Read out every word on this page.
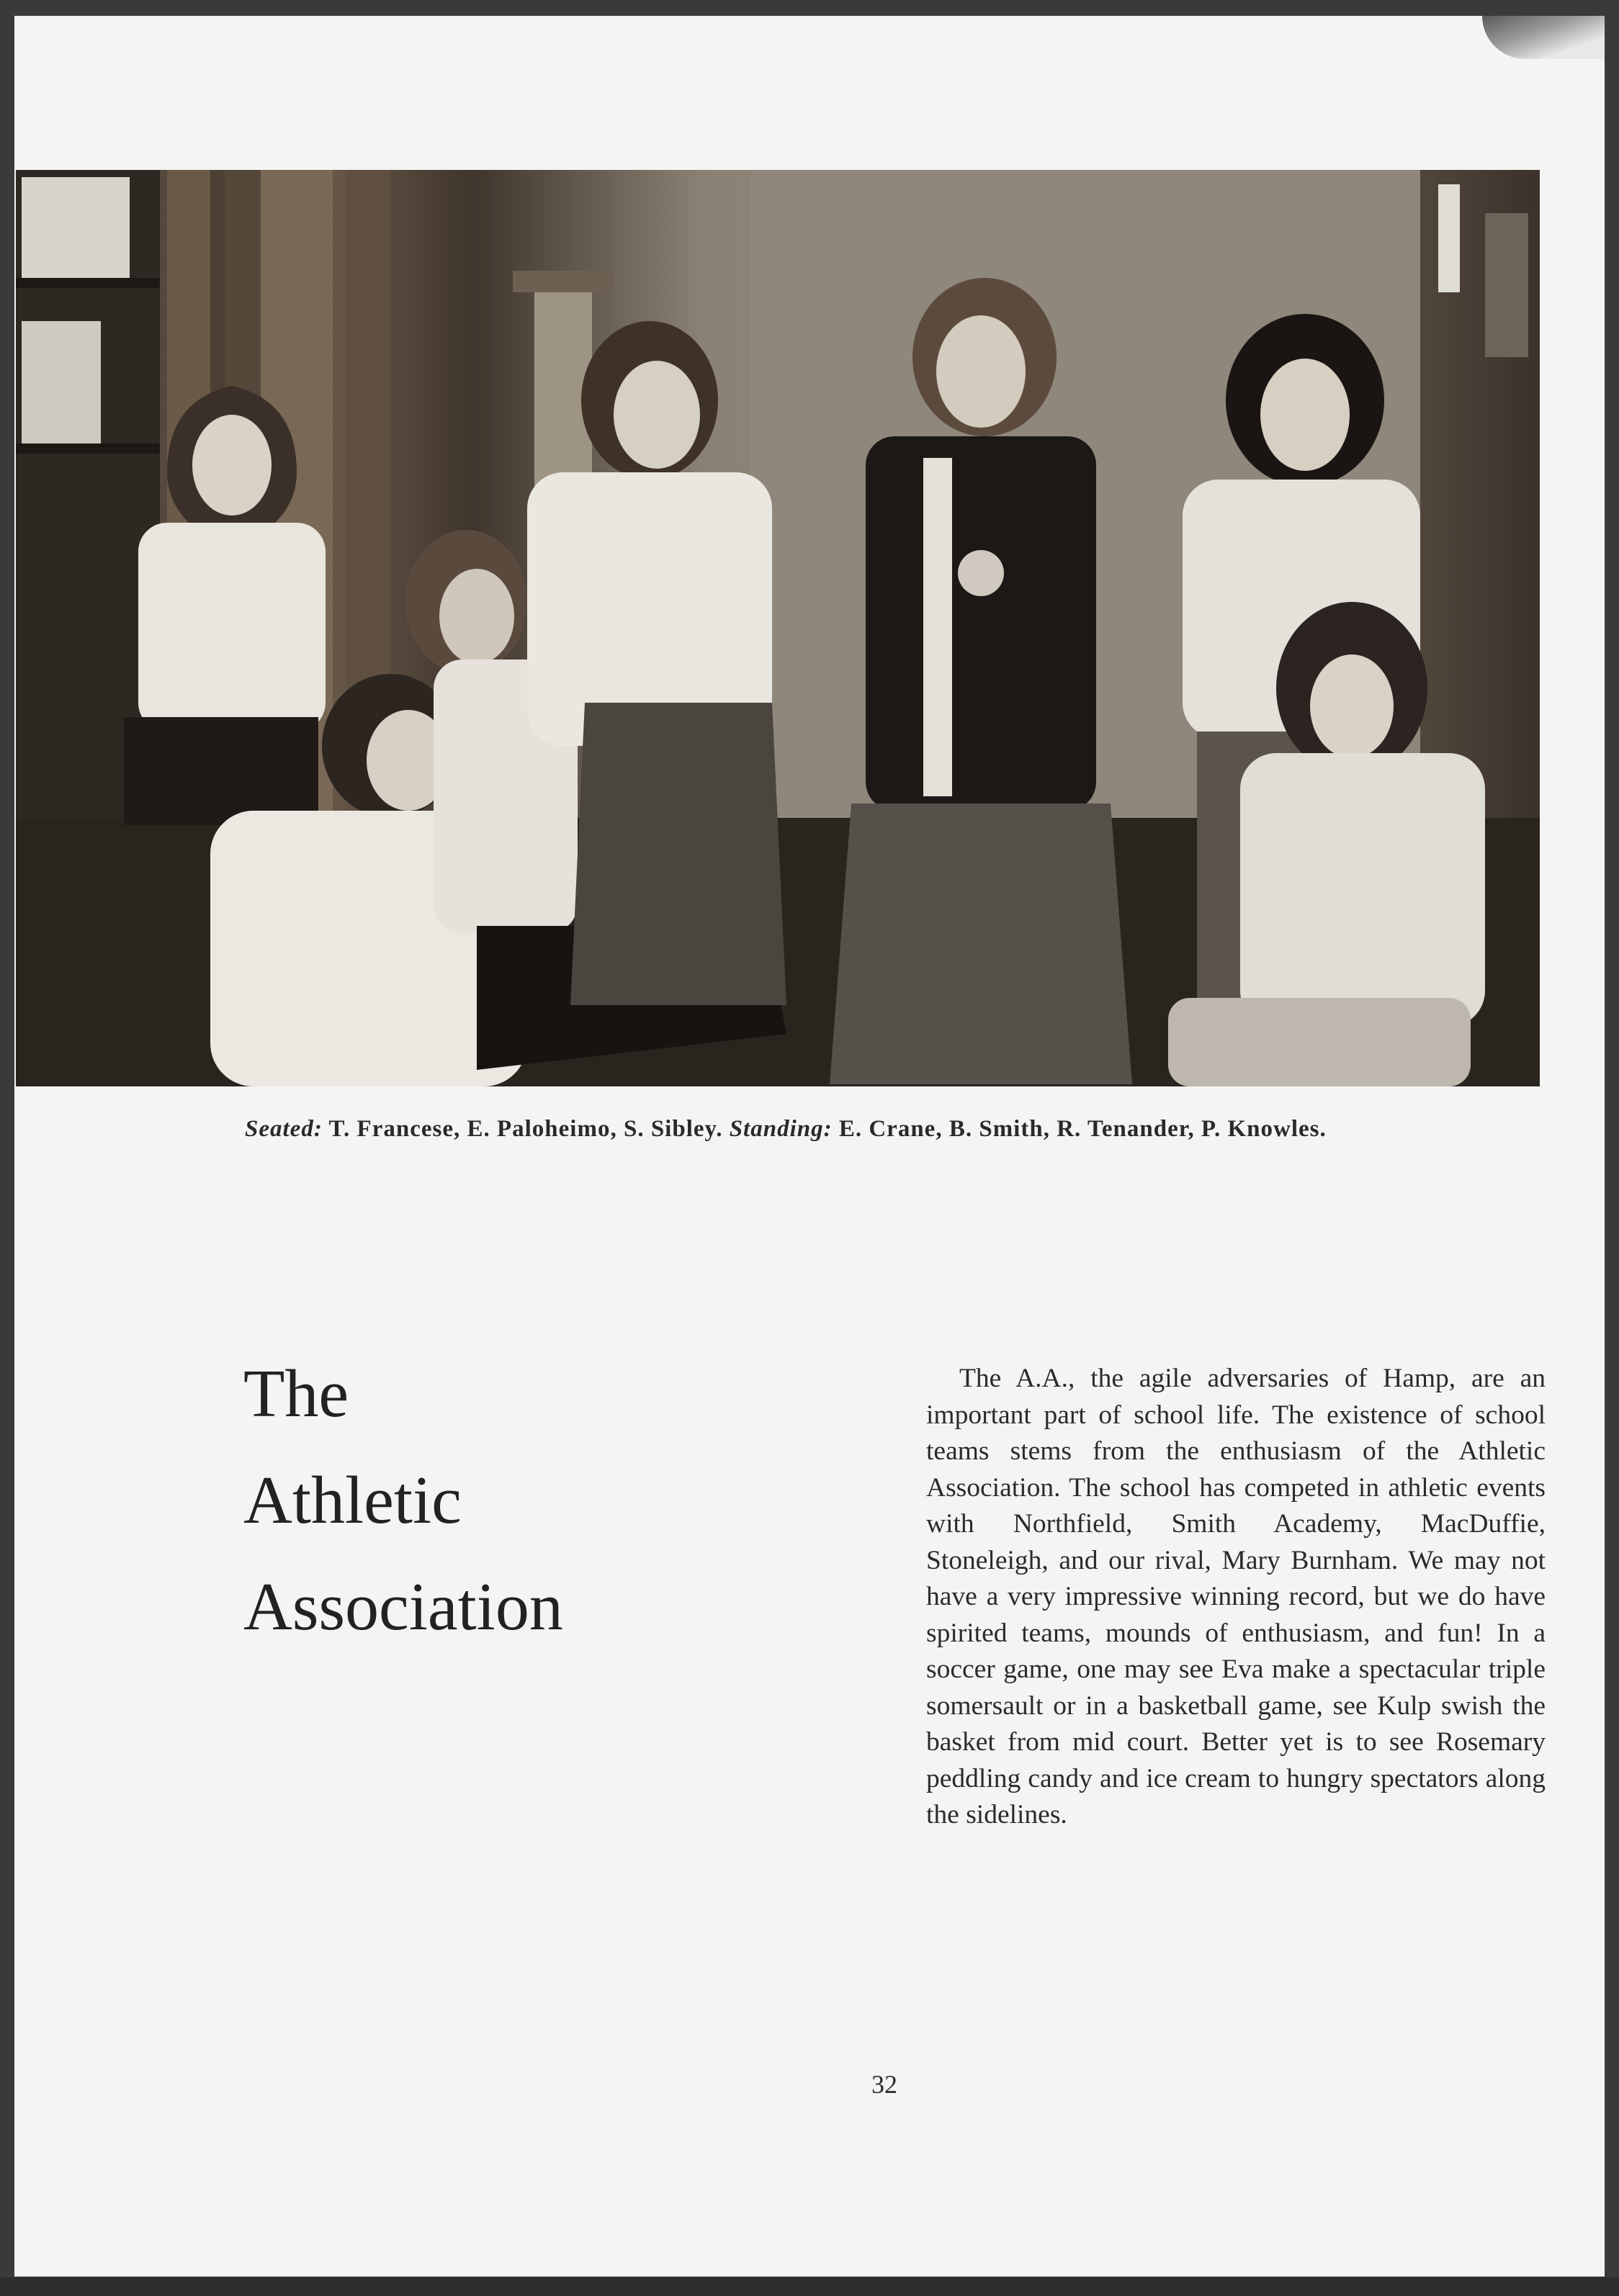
Seated: T. Francese, E. Paloheimo, S. Sibley. Standing: E. Crane, B. Smith, R. Tenander, P. Knowles.
The
Athletic
Association
The A.A., the agile adversaries of Hamp, are an important part of school life. The existence of school teams stems from the enthusiasm of the Athletic Association. The school has competed in athletic events with Northfield, Smith Academy, MacDuffie, Stoneleigh, and our rival, Mary Burnham. We may not have a very impressive winning record, but we do have spirited teams, mounds of enthusiasm, and fun! In a soccer game, one may see Eva make a spectacular triple somersault or in a basketball game, see Kulp swish the basket from mid court. Better yet is to see Rosemary peddling candy and ice cream to hungry spectators along the sidelines.
32
